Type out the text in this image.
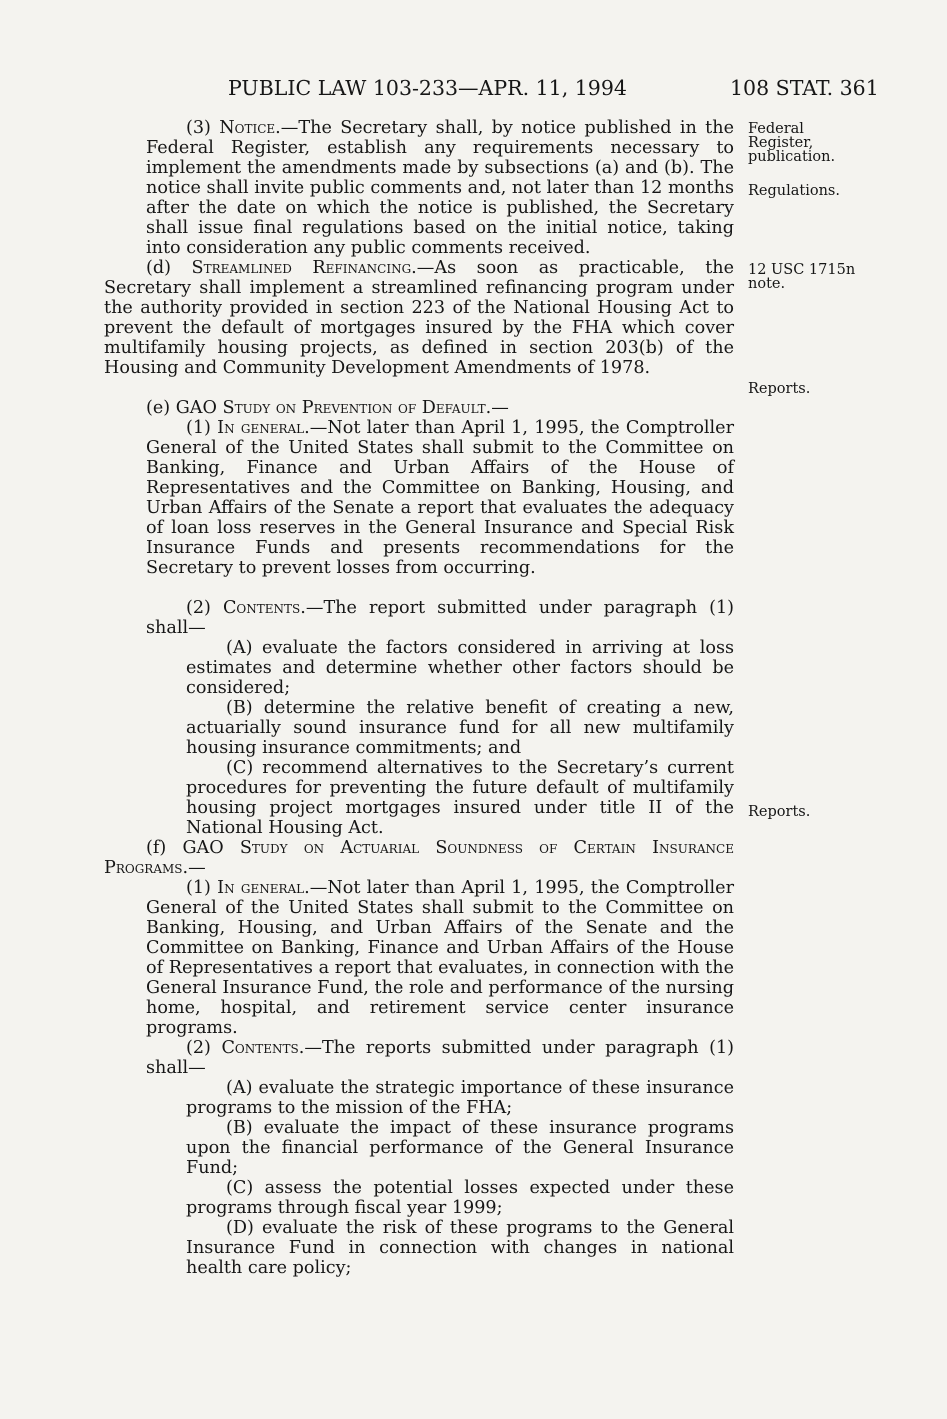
PUBLIC LAW 103-233—APR. 11, 1994	108 STAT. 361

(3) Notice.—The Secretary shall, by notice published in the Federal Register, establish any requirements necessary to implement the amendments made by subsections (a) and (b). The notice shall invite public comments and, not later than 12 months after the date on which the notice is published, the Secretary shall issue final regulations based on the initial notice, taking into consideration any public comments received.

(d) Streamlined Refinancing.—As soon as practicable, the Secretary shall implement a streamlined refinancing program under the authority provided in section 223 of the National Housing Act to prevent the default of mortgages insured by the FHA which cover multifamily housing projects, as defined in section 203(b) of the Housing and Community Development Amendments of 1978.

(e) GAO Study on Prevention of Default.—

(1) In general.—Not later than April 1, 1995, the Comptroller General of the United States shall submit to the Committee on Banking, Finance and Urban Affairs of the House of Representatives and the Committee on Banking, Housing, and Urban Affairs of the Senate a report that evaluates the adequacy of loan loss reserves in the General Insurance and Special Risk Insurance Funds and presents recommendations for the Secretary to prevent losses from occurring.

(2) Contents.—The report submitted under paragraph (1) shall—

(A) evaluate the factors considered in arriving at loss estimates and determine whether other factors should be considered;

(B) determine the relative benefit of creating a new, actuarially sound insurance fund for all new multifamily housing insurance commitments; and

(C) recommend alternatives to the Secretary’s current procedures for preventing the future default of multifamily housing project mortgages insured under title II of the National Housing Act.

(f) GAO Study on Actuarial Soundness of Certain Insurance Programs.—

(1) In general.—Not later than April 1, 1995, the Comptroller General of the United States shall submit to the Committee on Banking, Housing, and Urban Affairs of the Senate and the Committee on Banking, Finance and Urban Affairs of the House of Representatives a report that evaluates, in connection with the General Insurance Fund, the role and performance of the nursing home, hospital, and retirement service center insurance programs.

(2) Contents.—The reports submitted under paragraph (1) shall—

(A) evaluate the strategic importance of these insurance programs to the mission of the FHA;

(B) evaluate the impact of these insurance programs upon the financial performance of the General Insurance Fund;

(C) assess the potential losses expected under these programs through fiscal year 1999;

(D) evaluate the risk of these programs to the General Insurance Fund in connection with changes in national health care policy;

Federal Register, publication.
Regulations.
12 USC 1715n note.
Reports.
Reports.
